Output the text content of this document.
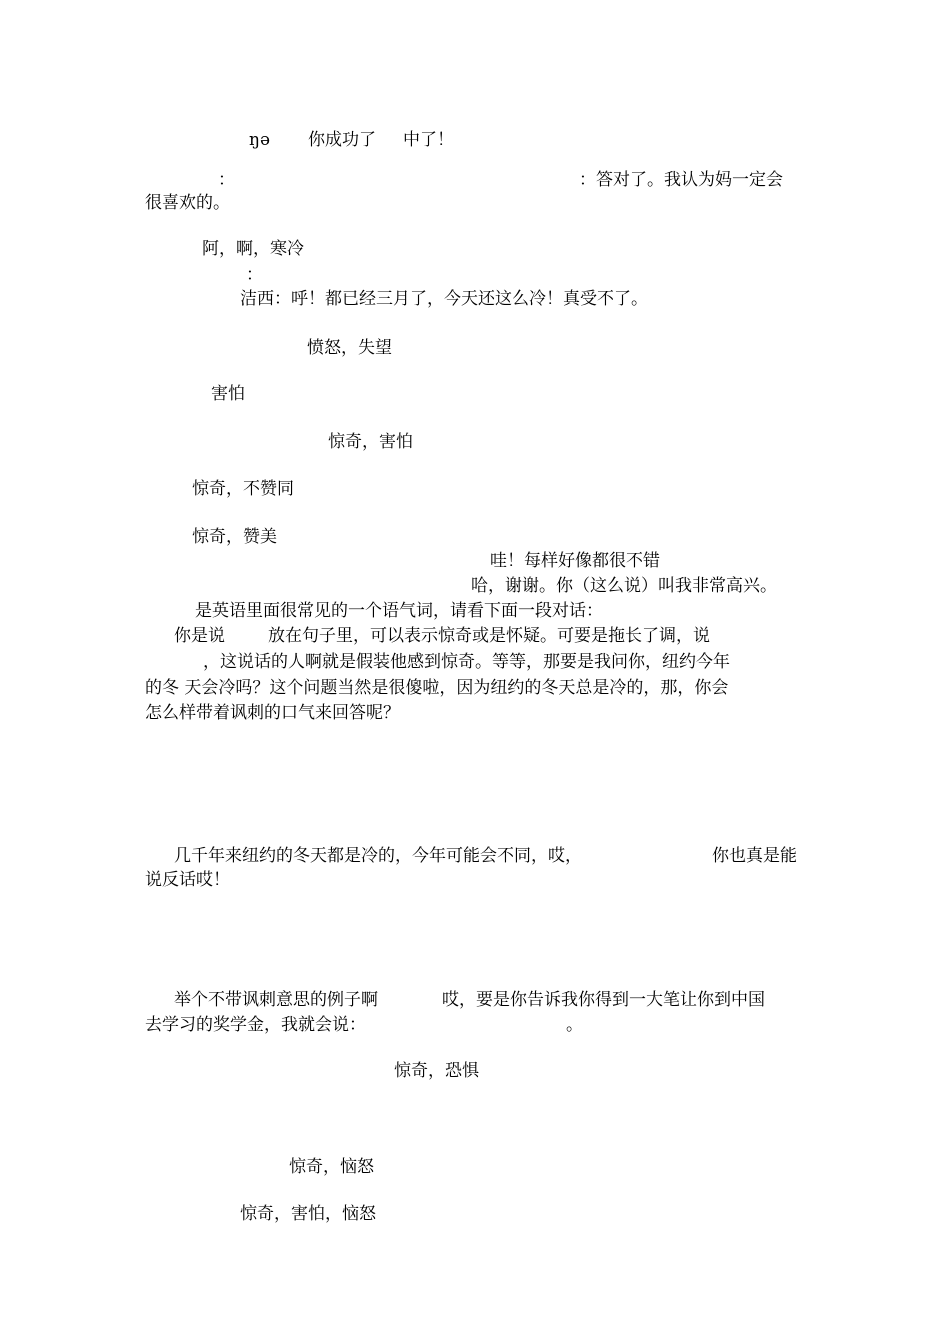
ŋə 你成功了 中了！
：	：答对了。我认为妈一定会
很喜欢的。
阿，啊，寒冷
：
洁西：呼！都已经三月了，今天还这么冷！真受不了。
愤怒，失望
害怕
惊奇，害怕
惊奇，不赞同
惊奇，赞美
哇！每样好像都很不错
哈，谢谢。你（这么说）叫我非常高兴。
是英语里面很常见的一个语气词，请看下面一段对话：
你是说	放在句子里，可以表示惊奇或是怀疑。可要是拖长了调，说
，这说话的人啊就是假装他感到惊奇。等等，那要是我问你，纽约今年
的冬 天会冷吗？这个问题当然是很傻啦，因为纽约的冬天总是冷的，那，你会
怎么样带着讽刺的口气来回答呢？
几千年来纽约的冬天都是冷的，今年可能会不同，哎，	你也真是能
说反话哎！
举个不带讽刺意思的例子啊	哎，要是你告诉我你得到一大笔让你到中国
去学习的奖学金，我就会说：	。
惊奇，恐惧
惊奇，恼怒
惊奇，害怕，恼怒
